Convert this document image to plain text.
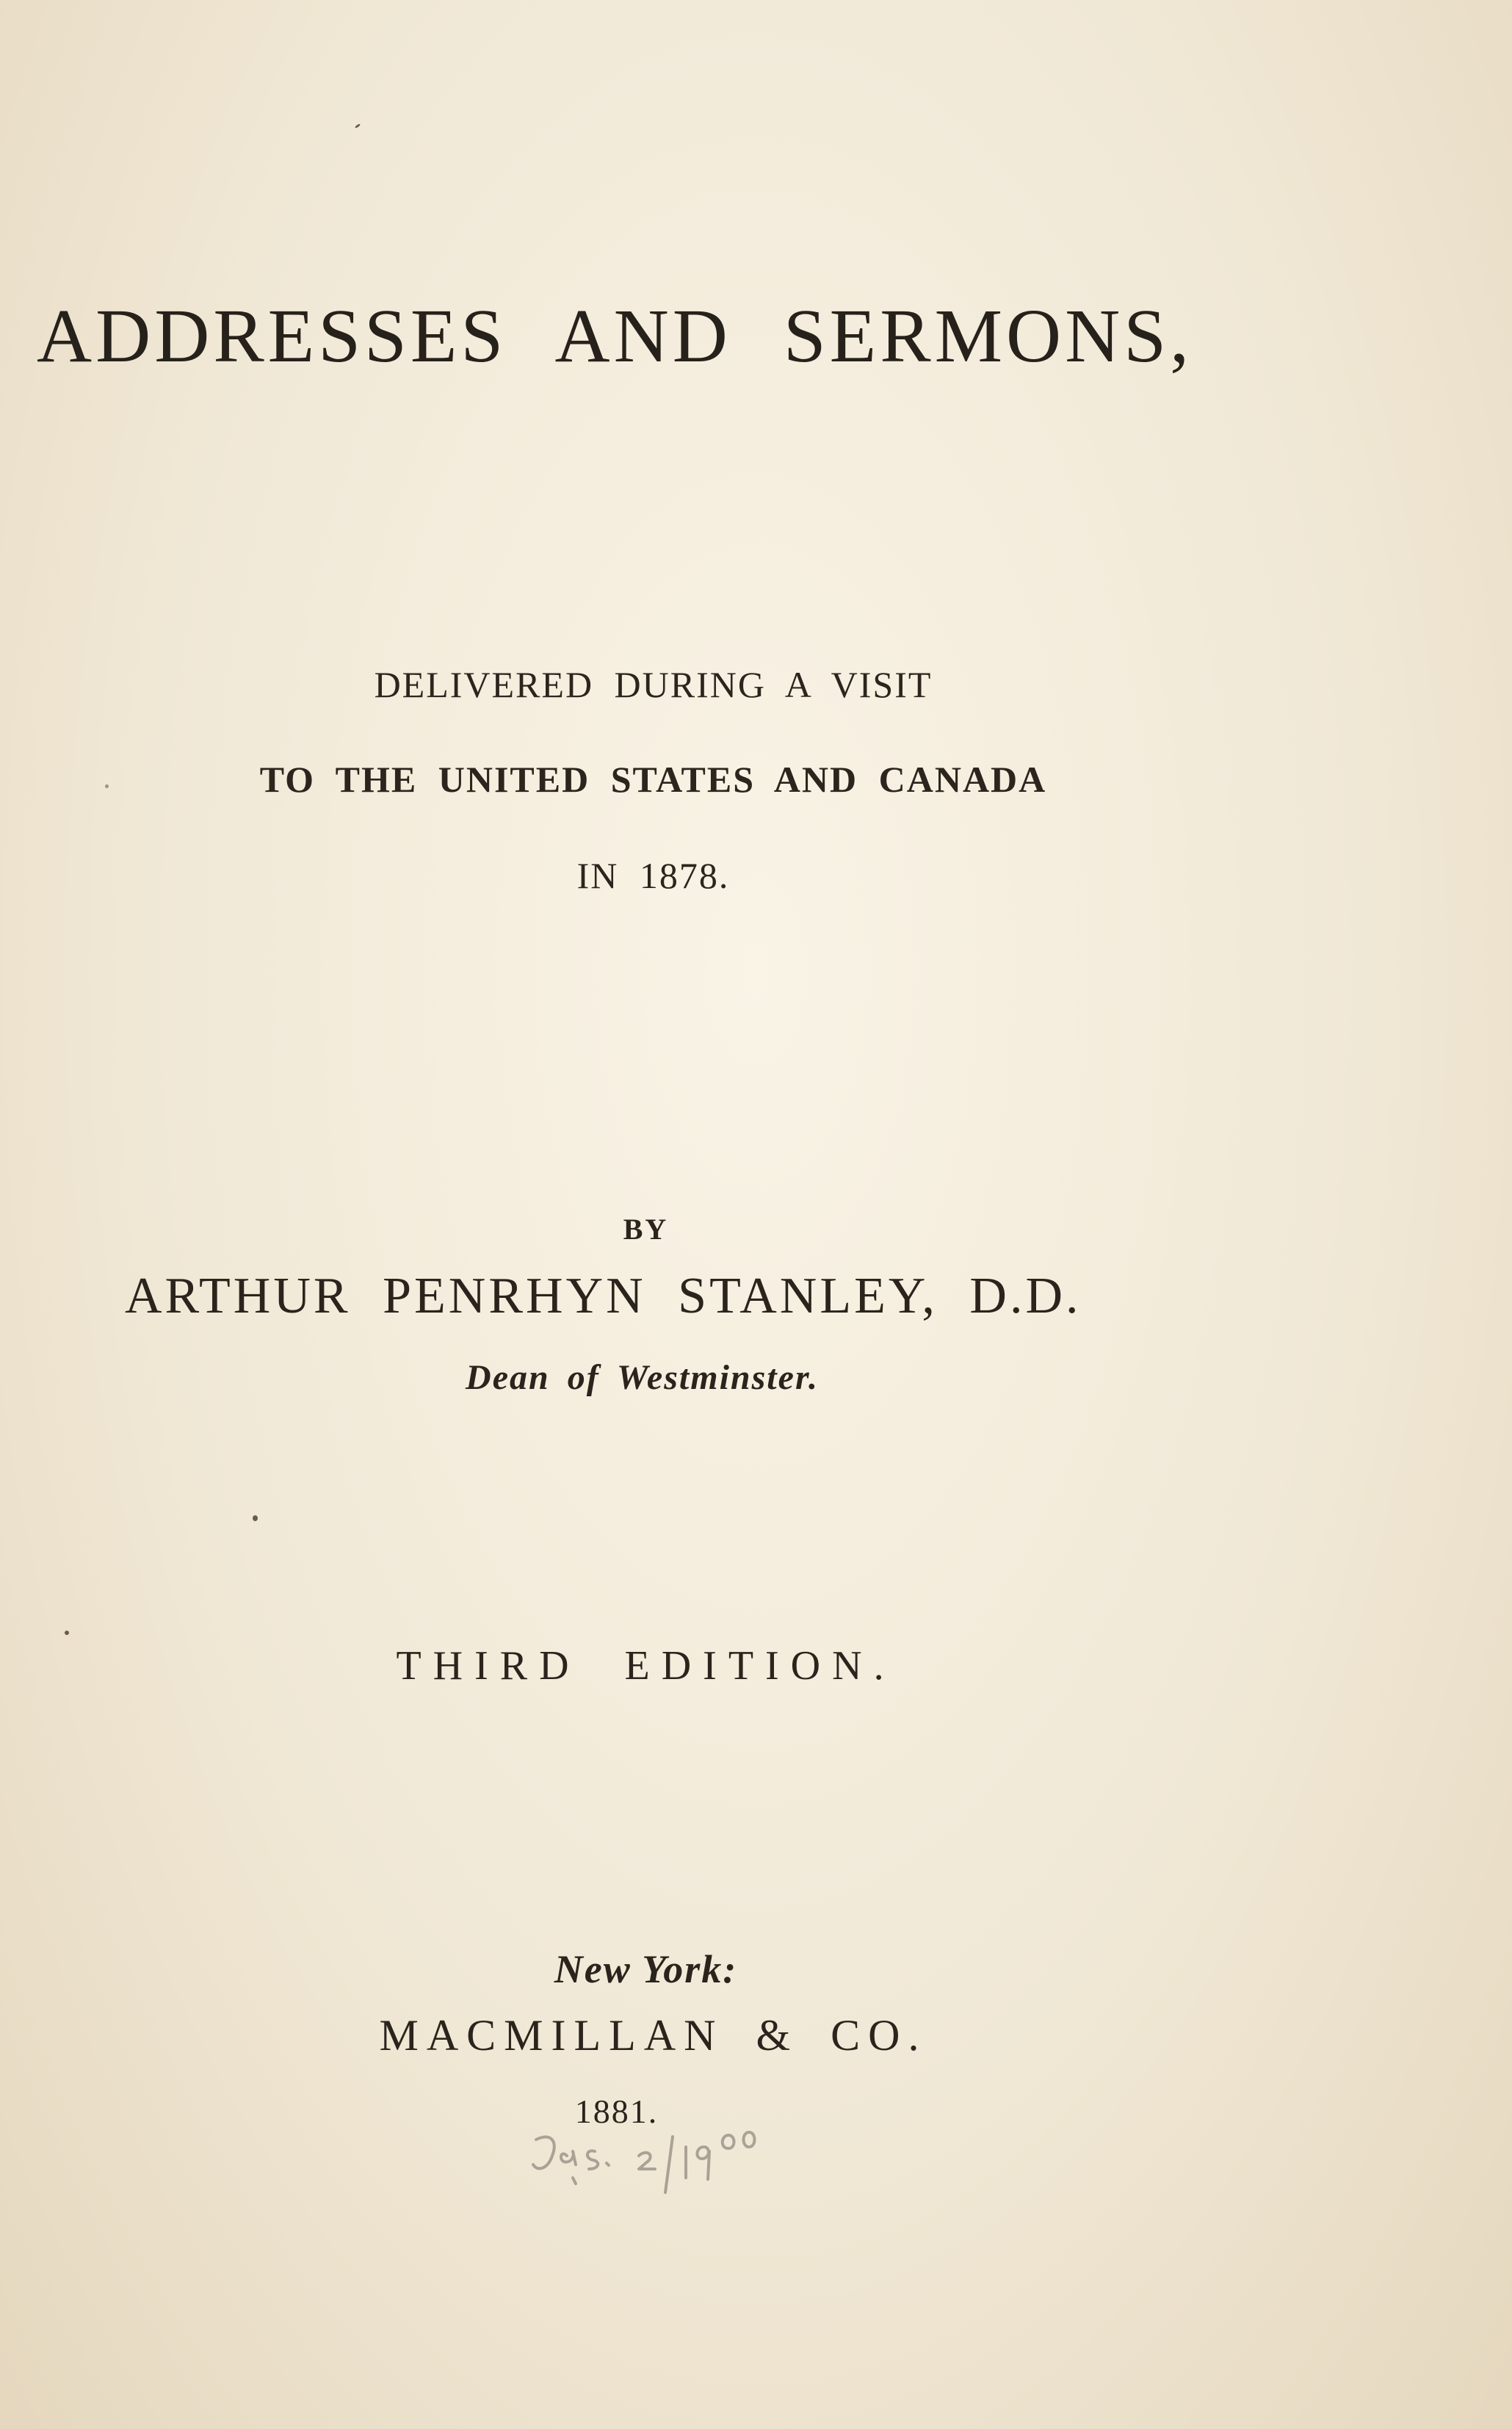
ADDRESSES AND SERMONS,
DELIVERED DURING A VISIT
TO THE UNITED STATES AND CANADA
IN 1878.
BY
ARTHUR PENRHYN STANLEY, D.D.
Dean of Westminster.
THIRD EDITION.
New York:
MACMILLAN & CO.
1881.
